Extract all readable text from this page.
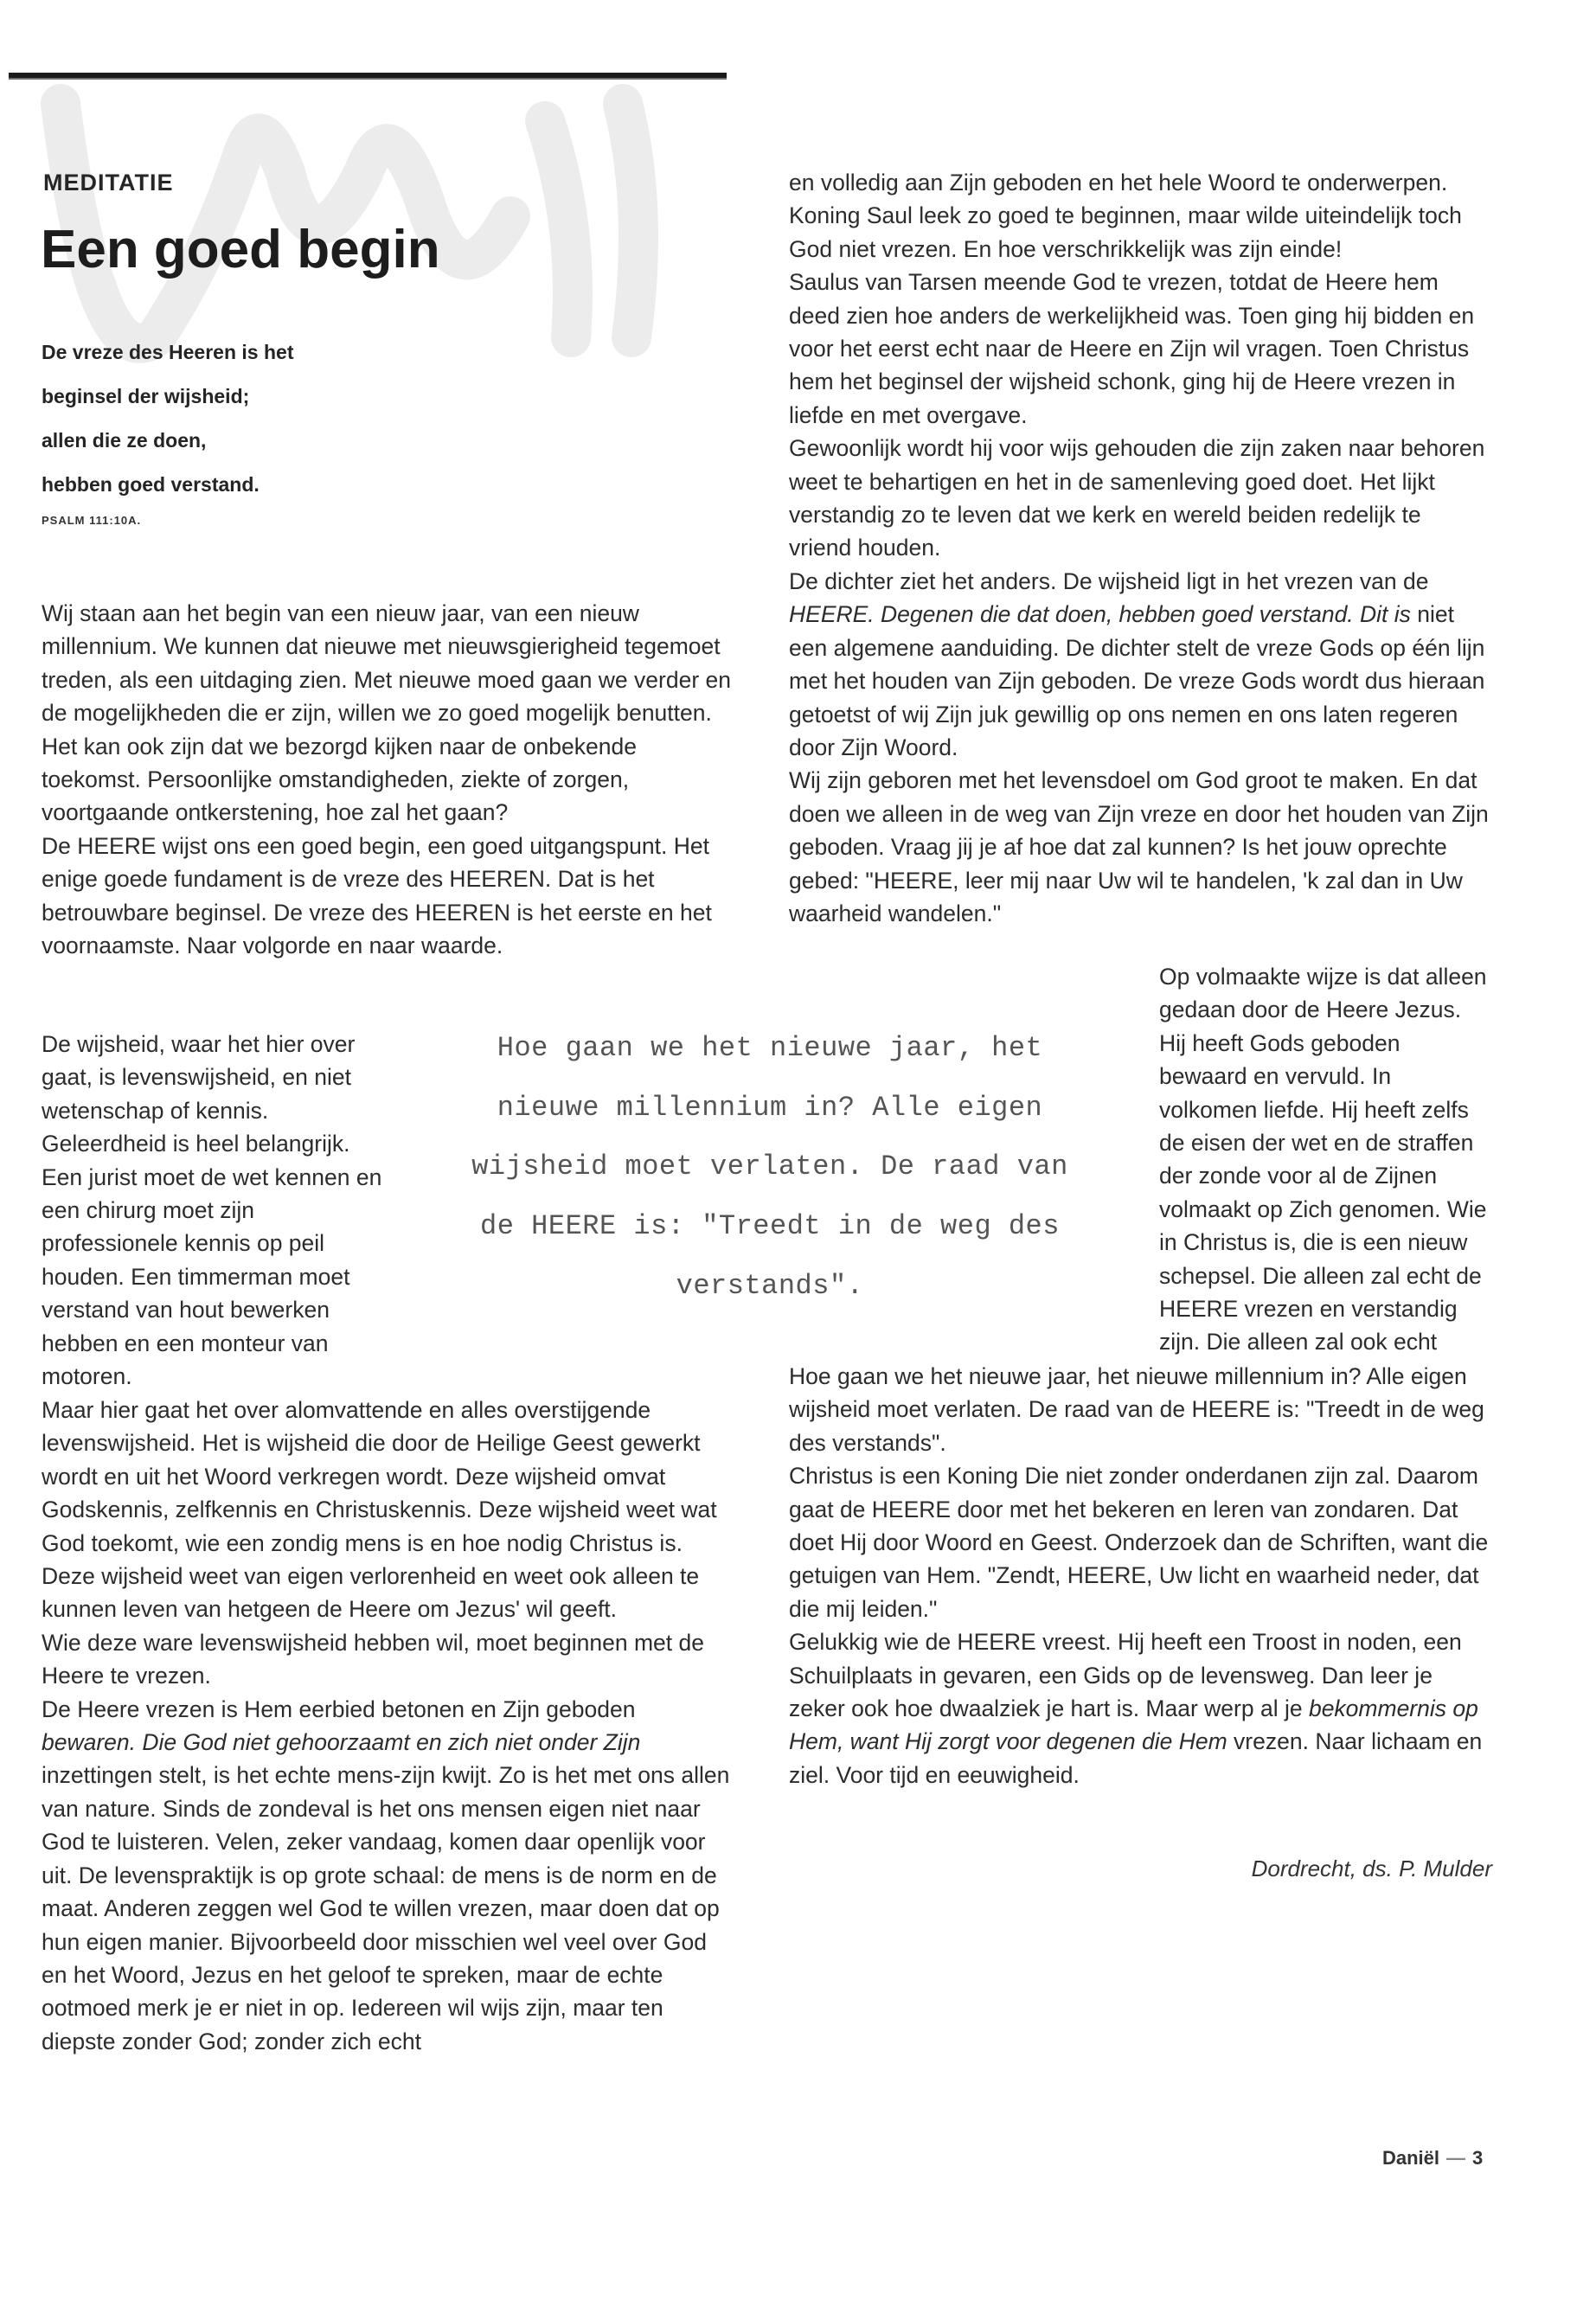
MEDITATIE
Een goed begin
De vreze des Heeren is het
beginsel der wijsheid;
allen die ze doen,
hebben goed verstand.
PSALM 111:10A.

Wij staan aan het begin van een nieuw jaar, van een nieuw millennium. We kunnen dat nieuwe met nieuwsgierigheid tegemoet treden, als een uitdaging zien. Met nieuwe moed gaan we verder en de mogelijkheden die er zijn, willen we zo goed mogelijk benutten. Het kan ook zijn dat we bezorgd kijken naar de onbekende toekomst. Persoonlijke omstandigheden, ziekte of zorgen, voortgaande ontkerstening, hoe zal het gaan?

De HEERE wijst ons een goed begin, een goed uitgangspunt. Het enige goede fundament is de vreze des HEEREN. Dat is het betrouwbare beginsel. De vreze des HEEREN is het eerste en het voornaamste. Naar volgorde en naar waarde.

De wijsheid, waar het hier over gaat, is levenswijsheid, en niet wetenschap of kennis. Geleerdheid is heel belangrijk. Een jurist moet de wet kennen en een chirurg moet zijn professionele kennis op peil houden. Een timmerman moet verstand van hout bewerken hebben en een monteur van motoren.

Maar hier gaat het over alomvattende en alles overstijgende levenswijsheid. Het is wijsheid die door de Heilige Geest gewerkt wordt en uit het Woord verkregen wordt. Deze wijsheid omvat Godskennis, zelfkennis en Christuskennis. Deze wijsheid weet wat God toekomt, wie een zondig mens is en hoe nodig Christus is. Deze wijsheid weet van eigen verlorenheid en weet ook alleen te kunnen leven van hetgeen de Heere om Jezus' wil geeft.

Wie deze ware levenswijsheid hebben wil, moet beginnen met de Heere te vrezen.

De Heere vrezen is Hem eerbied betonen en Zijn geboden bewaren. Die God niet gehoorzaamt en zich niet onder Zijn inzettingen stelt, is het echte mens-zijn kwijt. Zo is het met ons allen van nature. Sinds de zondeval is het ons mensen eigen niet naar God te luisteren. Velen, zeker vandaag, komen daar openlijk voor uit. De levenspraktijk is op grote schaal: de mens is de norm en de maat. Anderen zeggen wel God te willen vrezen, maar doen dat op hun eigen manier. Bijvoorbeeld door misschien wel veel over God en het Woord, Jezus en het geloof te spreken, maar de echte ootmoed merk je er niet in op. Iedereen wil wijs zijn, maar ten diepste zonder God; zonder zich echt

en volledig aan Zijn geboden en het hele Woord te onderwerpen.

Koning Saul leek zo goed te beginnen, maar wilde uiteindelijk toch God niet vrezen. En hoe verschrikkelijk was zijn einde!

Saulus van Tarsen meende God te vrezen, totdat de Heere hem deed zien hoe anders de werkelijkheid was. Toen ging hij bidden en voor het eerst echt naar de Heere en Zijn wil vragen. Toen Christus hem het beginsel der wijsheid schonk, ging hij de Heere vrezen in liefde en met overgave.

Gewoonlijk wordt hij voor wijs gehouden die zijn zaken naar behoren weet te behartigen en het in de samenleving goed doet. Het lijkt verstandig zo te leven dat we kerk en wereld beiden redelijk te vriend houden.

De dichter ziet het anders. De wijsheid ligt in het vrezen van de HEERE. Degenen die dat doen, hebben goed verstand. Dit is niet een algemene aanduiding. De dichter stelt de vreze Gods op één lijn met het houden van Zijn geboden. De vreze Gods wordt dus hieraan getoetst of wij Zijn juk gewillig op ons nemen en ons laten regeren door Zijn Woord.

Wij zijn geboren met het levensdoel om God groot te maken. En dat doen we alleen in de weg van Zijn vreze en door het houden van Zijn geboden. Vraag jij je af hoe dat zal kunnen? Is het jouw oprechte gebed: "HEERE, leer mij naar Uw wil te handelen, 'k zal dan in Uw waarheid wandelen."

Op volmaakte wijze is dat alleen gedaan door de Heere Jezus. Hij heeft Gods geboden bewaard en vervuld. In volkomen liefde. Hij heeft zelfs de eisen der wet en de straffen der zonde voor al de Zijnen volmaakt op Zich genomen. Wie in Christus is, die is een nieuw schepsel. Die alleen zal echt de HEERE vrezen en verstandig zijn. Die alleen zal ook echt

Hoe gaan we het nieuwe jaar, het nieuwe millennium in? Alle eigen wijsheid moet verlaten. De raad van de HEERE is: "Treedt in de weg des verstands".

Christus is een Koning Die niet zonder onderdanen zijn zal. Daarom gaat de HEERE door met het bekeren en leren van zondaren. Dat doet Hij door Woord en Geest. Onderzoek dan de Schriften, want die getuigen van Hem. "Zendt, HEERE, Uw licht en waarheid neder, dat die mij leiden."

Gelukkig wie de HEERE vreest. Hij heeft een Troost in noden, een Schuilplaats in gevaren, een Gids op de levensweg. Dan leer je zeker ook hoe dwaalziek je hart is. Maar werp al je bekommernis op Hem, want Hij zorgt voor degenen die Hem vrezen. Naar lichaam en ziel. Voor tijd en eeuwigheid.

Dordrecht, ds. P. Mulder
Hoe gaan we het nieuwe jaar, het
nieuwe millennium in? Alle eigen
wijsheid moet verlaten. De raad van
de HEERE is: "Treedt in de weg des
verstands".
Daniël — 3
